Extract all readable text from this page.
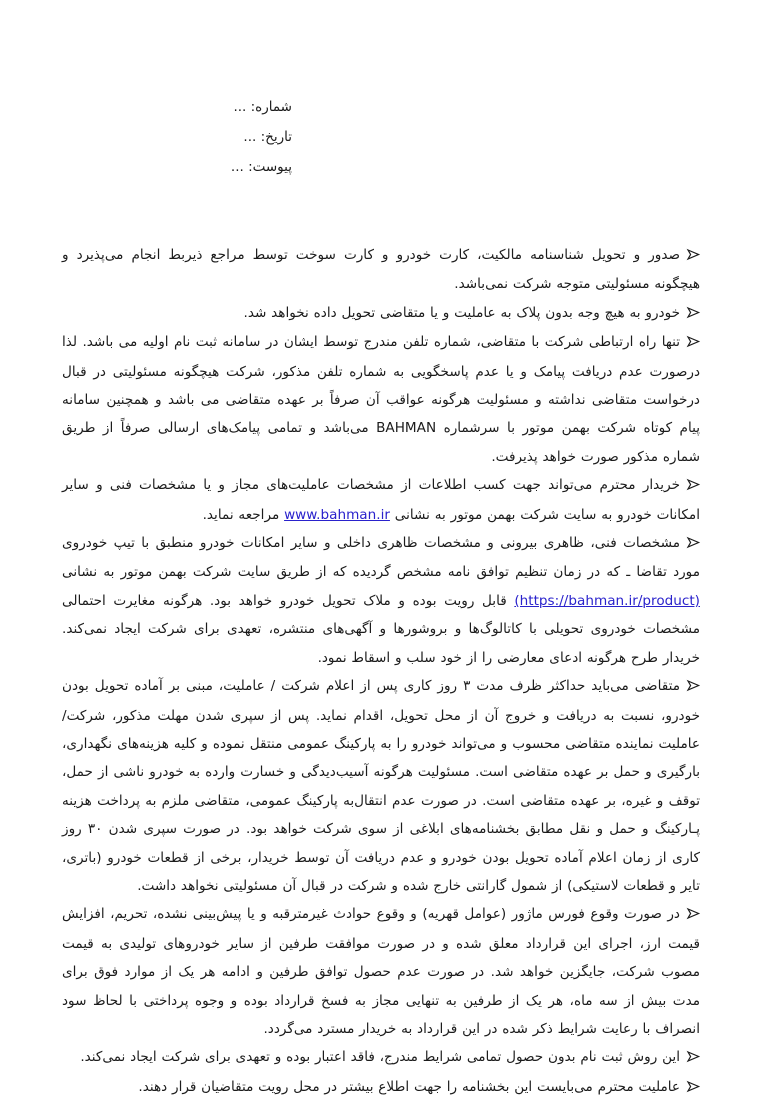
شماره: ...
تاریخ: ...
پیوست: ...

صدور و تحویل شناسنامه مالکیت، کارت خودرو و کارت سوخت توسط مراجع ذیربط انجام می‌پذیرد و هیچگونه مسئولیتی متوجه شرکت نمی‌باشد.

خودرو به هیچ وجه بدون پلاک به عاملیت و یا متقاضی تحویل داده نخواهد شد.

تنها راه ارتباطی شرکت با متقاضی، شماره تلفن مندرج توسط ایشان در سامانه ثبت نام اولیه می باشد. لذا درصورت عدم دریافت پیامک و یا عدم پاسخگویی به شماره تلفن مذکور، شرکت هیچگونه مسئولیتی در قبال درخواست متقاضی نداشته و مسئولیت هرگونه عواقب آن صرفاً بر عهده متقاضی می باشد و همچنین سامانه پیام کوتاه شرکت بهمن موتور با سرشماره BAHMAN می‌باشد و تمامی پیامک‌های ارسالی صرفاً از طریق شماره مذکور صورت خواهد پذیرفت.

خریدار محترم می‌تواند جهت کسب اطلاعات از مشخصات عاملیت‌های مجاز و یا مشخصات فنی و سایر امکانات خودرو به سایت شرکت بهمن موتور به نشانی www.bahman.ir مراجعه نماید.

مشخصات فنی، ظاهری بیرونی و مشخصات ظاهری داخلی و سایر امکانات خودرو منطبق با تیپ خودروی مورد تقاضا ـ که در زمان تنظیم توافق نامه مشخص گردیده که از طریق سایت شرکت بهمن موتور به نشانی (https://bahman.ir/product) قابل رویت بوده و ملاک تحویل خودرو خواهد بود. هرگونه مغایرت احتمالی مشخصات خودروی تحویلی با کاتالوگ‌ها و بروشورها و آگهی‌های منتشره، تعهدی برای شرکت ایجاد نمی‌کند. خریدار طرح هرگونه ادعای معارضی را از خود سلب و اسقاط نمود.

متقاضی می‌باید حداکثر ظرف مدت ۳ روز کاری پس از اعلام شرکت / عاملیت، مبنی بر آماده تحویل بودن خودرو، نسبت به دریافت و خروج آن از محل تحویل، اقدام نماید. پس از سپری شدن مهلت مذکور، شرکت/ عاملیت نماینده متقاضی محسوب و می‌تواند خودرو را به پارکینگ عمومی منتقل نموده و کلیه هزینه‌های نگهداری، بارگیری و حمل بر عهده متقاضی است. مسئولیت هرگونه آسیب‌دیدگی و خسارت وارده به خودرو ناشی از حمل، توقف و غیره، بر عهده متقاضی است. در صورت عدم انتقال‌به پارکینگ عمومی، متقاضی ملزم به پرداخت هزینه پـارکینگ و حمل و نقل مطابق بخشنامه‌های ابلاغی از سوی شرکت خواهد بود. در صورت سپری شدن ۳۰ روز کاری از زمان اعلام آماده تحویل بودن خودرو و عدم دریافت آن توسط خریدار، برخی از قطعات خودرو (باتری، تایر و قطعات لاستیکی) از شمول گارانتی خارج شده و شرکت در قبال آن مسئولیتی نخواهد داشت.

در صورت وقوع فورس ماژور (عوامل قهریه) و وقوع حوادث غیرمترقبه و یا پیش‌بینی نشده، تحریم، افزایش قیمت ارز، اجرای این قرارداد معلق شده و در صورت موافقت طرفین از سایر خودروهای تولیدی به قیمت مصوب شرکت، جایگزین خواهد شد. در صورت عدم حصول توافق طرفین و ادامه هر یک از موارد فوق برای مدت بیش از سه ماه، هر یک از طرفین به تنهایی مجاز به فسخ قرارداد بوده و وجوه پرداختی با لحاظ سود انصراف با رعایت شرایط ذکر شده در این قرارداد به خریدار مسترد می‌گردد.

این روش ثبت نام بدون حصول تمامی شرایط مندرج، فاقد اعتبار بوده و تعهدی برای شرکت ایجاد نمی‌کند.

عاملیت محترم می‌بایست این بخشنامه را جهت اطلاع بیشتر در محل رویت متقاضیان قرار دهند.
